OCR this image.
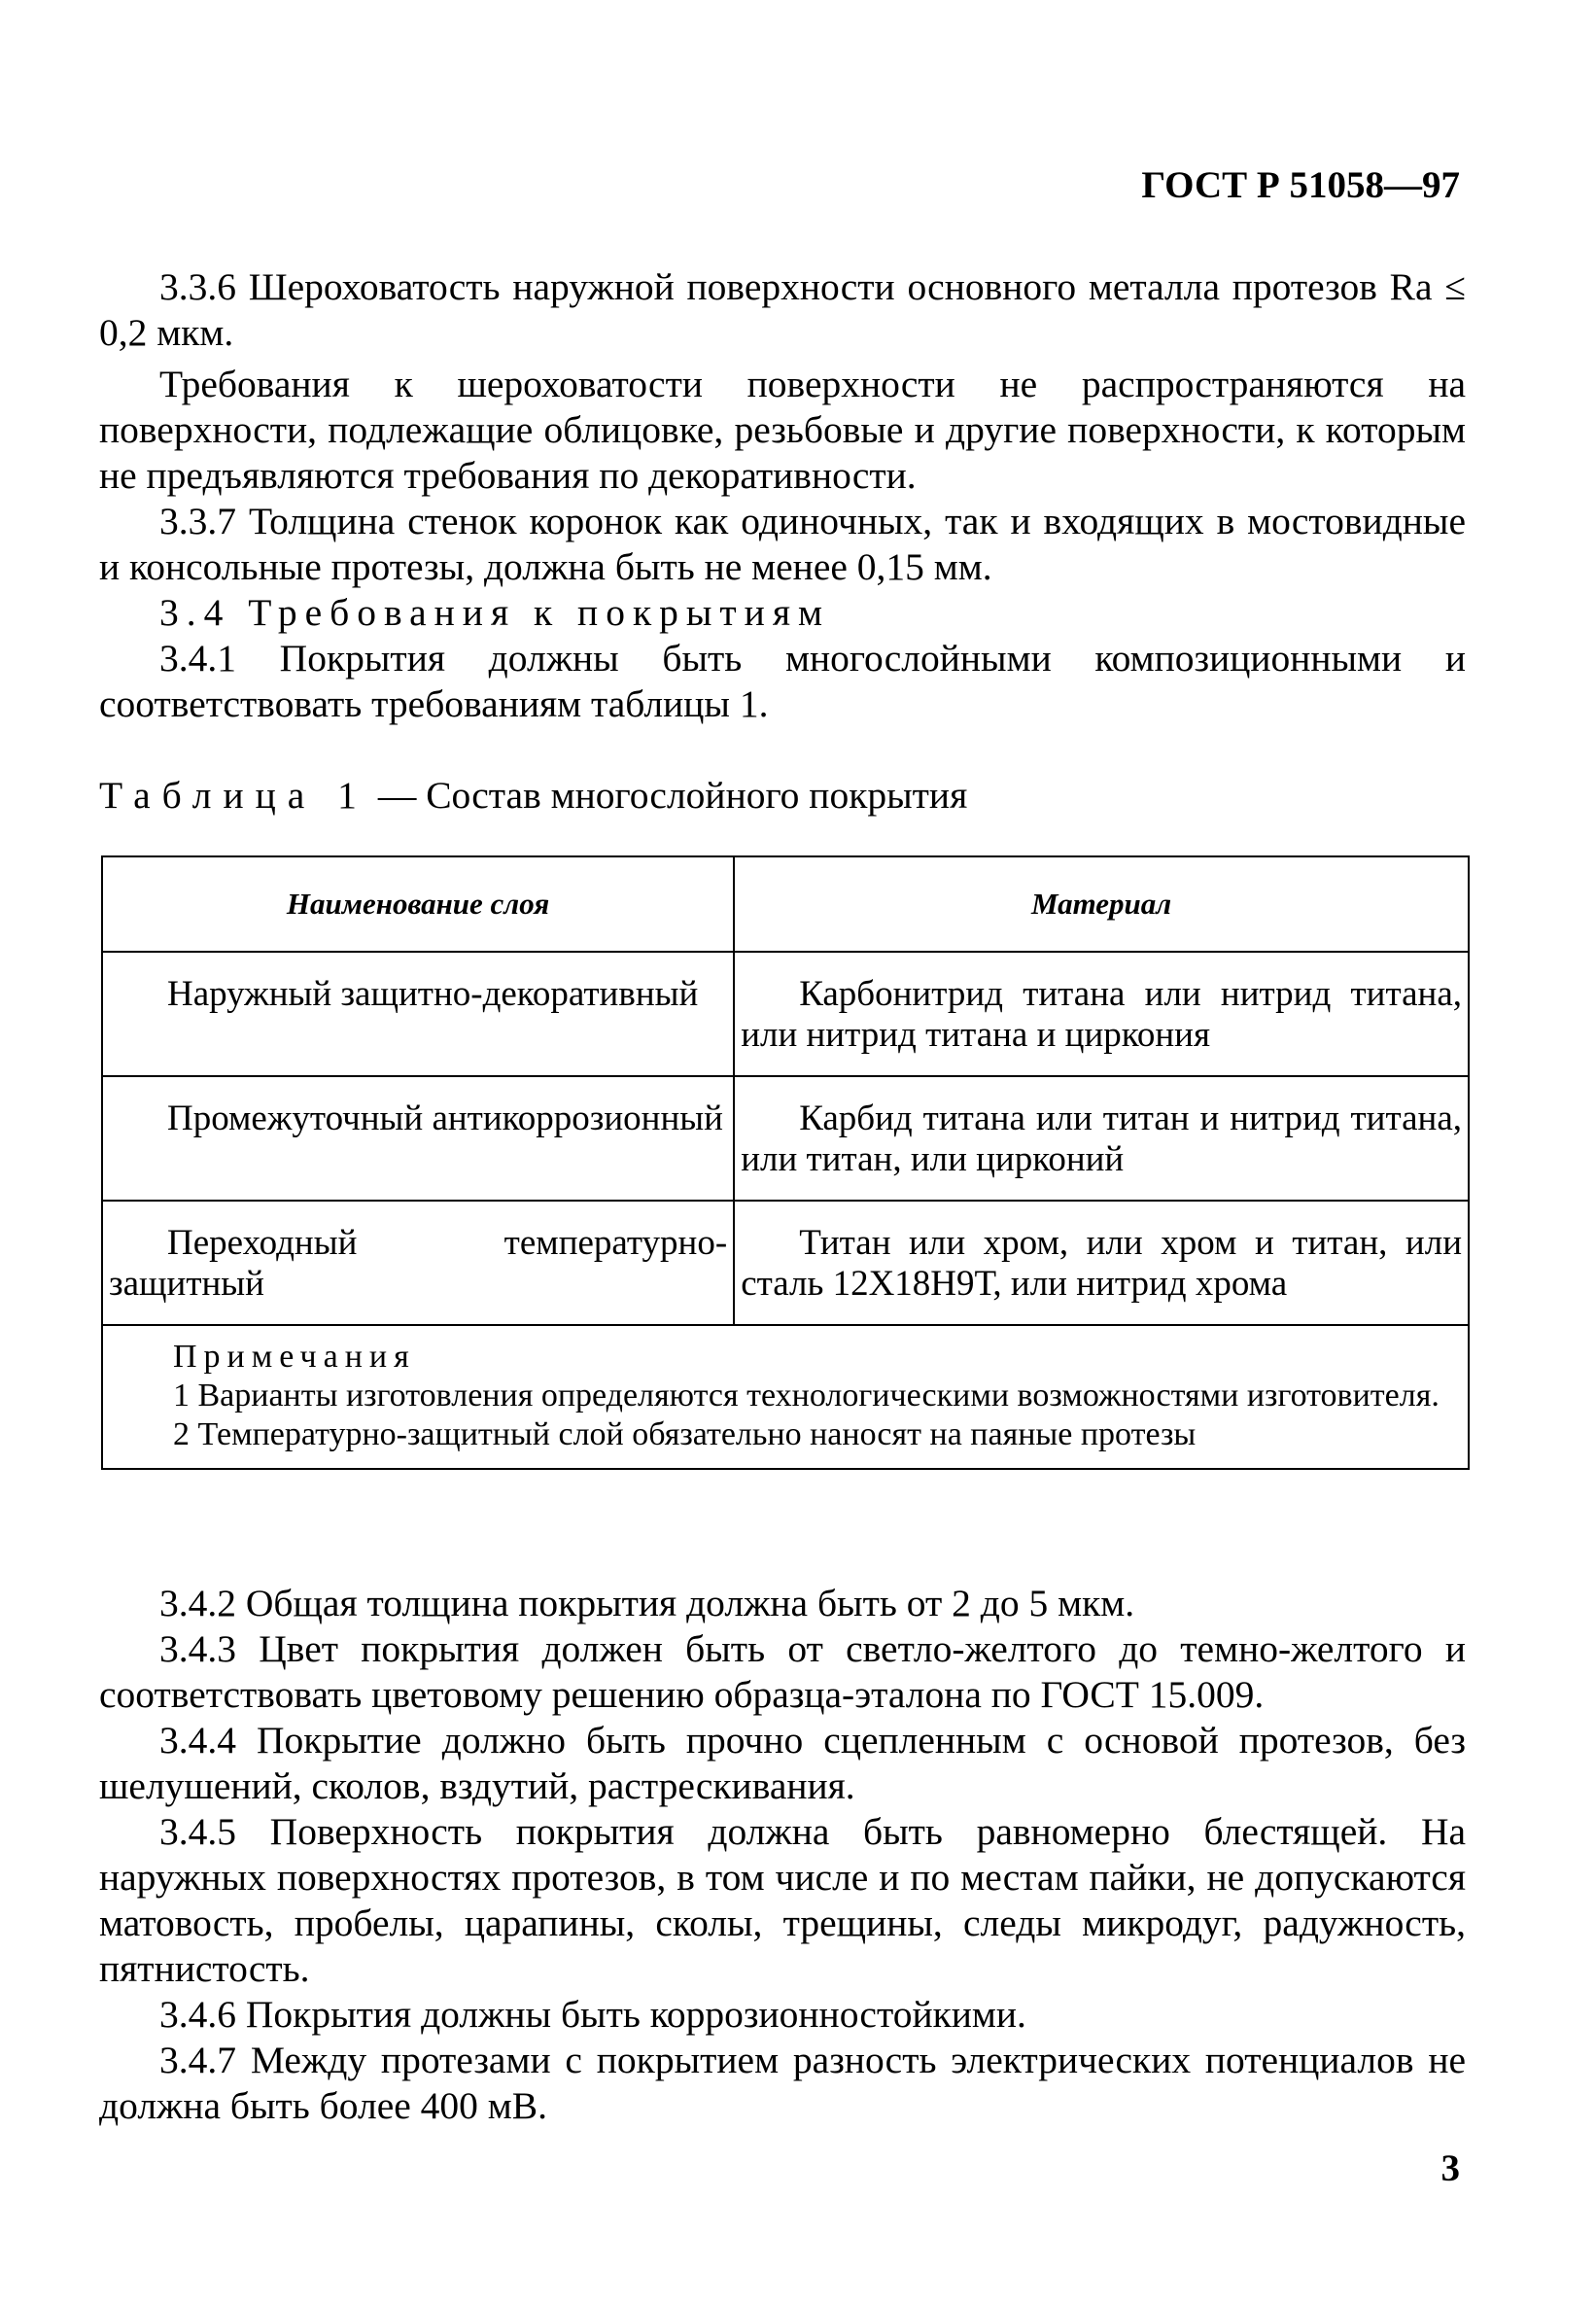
ГОСТ Р 51058—97

3.3.6 Шероховатость наружной поверхности основного металла протезов Ra ≤ 0,2 мкм.

Требования к шероховатости поверхности не распространяются на поверхности, подлежащие облицовке, резьбовые и другие поверхности, к которым не предъявляются требования по декоративности.

3.3.7 Толщина стенок коронок как одиночных, так и входящих в мостовидные и консольные протезы, должна быть не менее 0,15 мм.

3.4 Требования к покрытиям

3.4.1 Покрытия должны быть многослойными композиционными и соответствовать требованиям таблицы 1.

Таблица 1 — Состав многослойного покрытия
Наименование слоя	Материал

Наружный защитно-декоративный	Карбонитрид титана или нитрид титана, или нитрид титана и циркония

Промежуточный антикоррозионный	Карбид титана или титан и нитрид титана, или титан, или цирконий

Переходный температурно-защитный	Титан или хром, или хром и титан, или сталь 12Х18Н9Т, или нитрид хрома

Примечания
1 Варианты изготовления определяются технологическими возможностями изготовителя.
2 Температурно-защитный слой обязательно наносят на паяные протезы	

3.4.2 Общая толщина покрытия должна быть от 2 до 5 мкм.

3.4.3 Цвет покрытия должен быть от светло-желтого до темно-желтого и соответствовать цветовому решению образца-эталона по ГОСТ 15.009.

3.4.4 Покрытие должно быть прочно сцепленным с основой протезов, без шелушений, сколов, вздутий, растрескивания.

3.4.5 Поверхность покрытия должна быть равномерно блестящей. На наружных поверхностях протезов, в том числе и по местам пайки, не допускаются матовость, пробелы, царапины, сколы, трещины, следы микродуг, радужность, пятнистость.

3.4.6 Покрытия должны быть коррозионностойкими.

3.4.7 Между протезами с покрытием разность электрических потенциалов не должна быть более 400 мВ.

3
